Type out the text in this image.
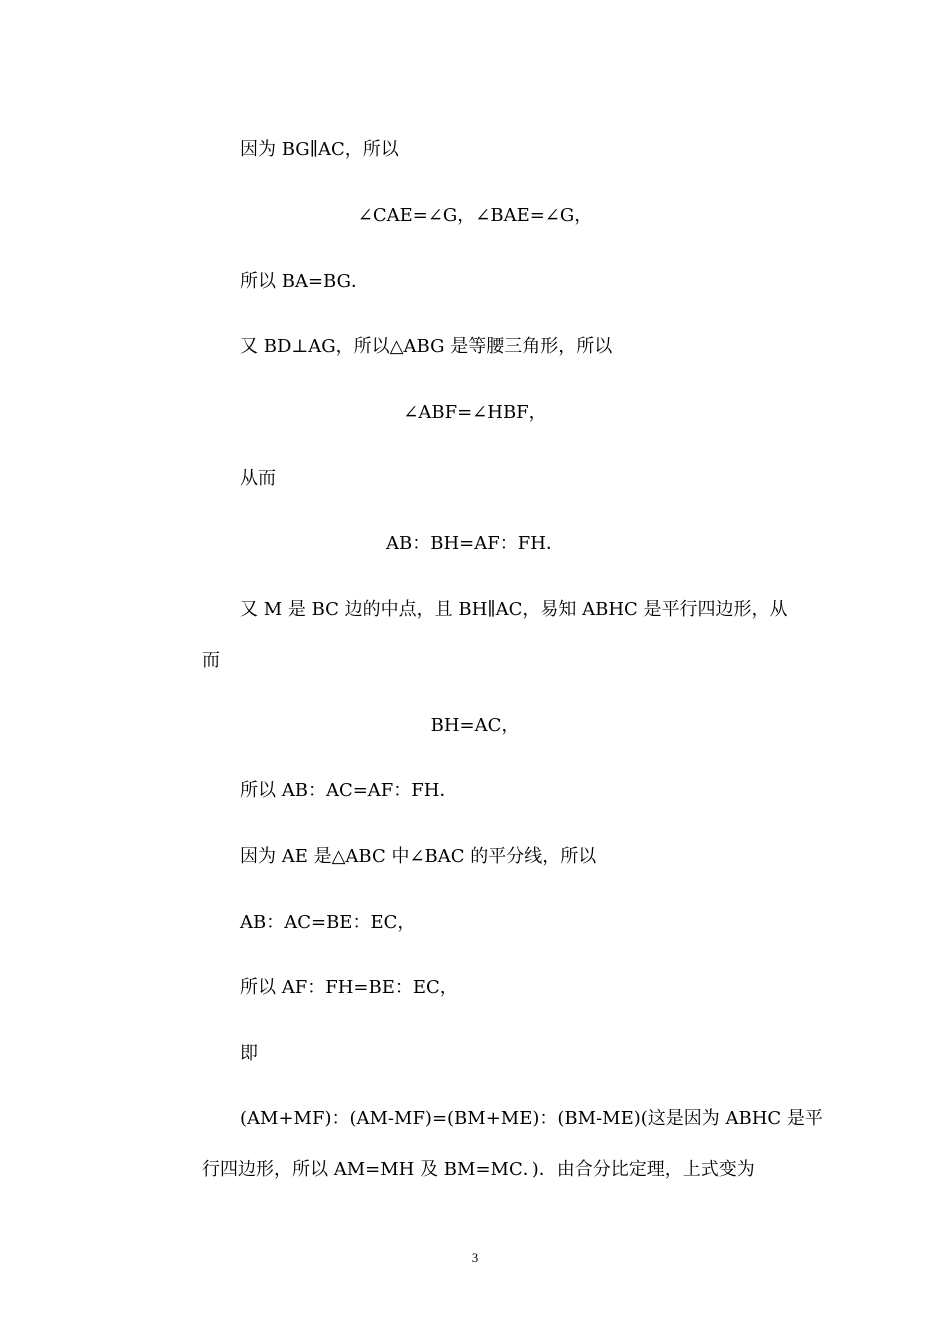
因为 BG∥AC，所以
∠CAE=∠G，∠BAE=∠G，
所以 BA=BG．
又 BD⊥AG，所以△ABG 是等腰三角形，所以
∠ABF=∠HBF，
从而
AB：BH=AF：FH．
又 M 是 BC 边的中点，且 BH∥AC，易知 ABHC 是平行四边形，从
而
BH=AC，
所以 AB：AC=AF：FH．
因为 AE 是△ABC 中∠BAC 的平分线，所以
AB：AC=BE：EC，
所以 AF：FH=BE：EC，
即
(AM+MF)：(AM-MF)=(BM+ME)：(BM-ME)(这是因为 ABHC 是平
行四边形，所以 AM=MH 及 BM=MC．)．由合分比定理，上式变为
3
